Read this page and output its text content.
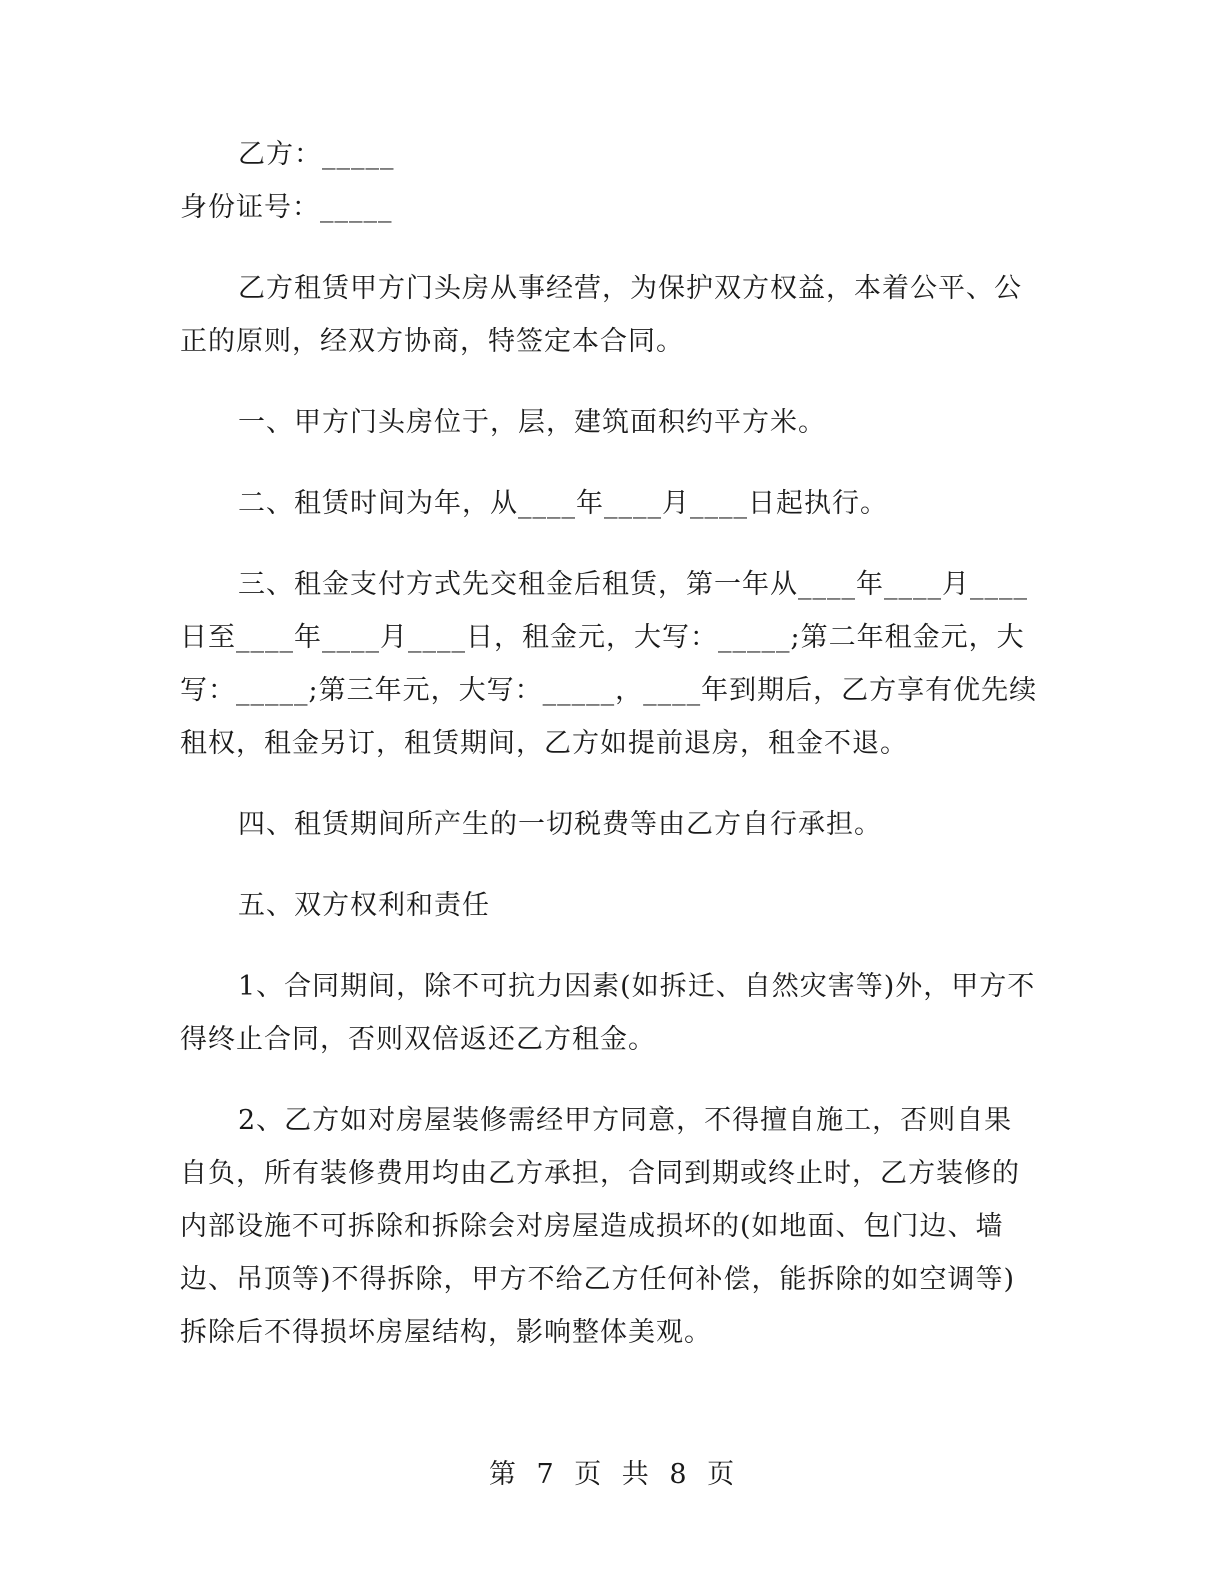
乙方：_____

身份证号：_____

乙方租赁甲方门头房从事经营，为保护双方权益，本着公平、公正的原则，经双方协商，特签定本合同。

一、甲方门头房位于，层，建筑面积约平方米。

二、租赁时间为年，从____年____月____日起执行。

三、租金支付方式先交租金后租赁，第一年从____年____月____日至____年____月____日，租金元，大写：_____;第二年租金元，大写：_____;第三年元，大写：_____，____年到期后，乙方享有优先续租权，租金另订，租赁期间，乙方如提前退房，租金不退。

四、租赁期间所产生的一切税费等由乙方自行承担。

五、双方权利和责任

1、合同期间，除不可抗力因素(如拆迁、自然灾害等)外，甲方不得终止合同，否则双倍返还乙方租金。

2、乙方如对房屋装修需经甲方同意，不得擅自施工，否则自果自负，所有装修费用均由乙方承担，合同到期或终止时，乙方装修的内部设施不可拆除和拆除会对房屋造成损坏的(如地面、包门边、墙边、吊顶等)不得拆除，甲方不给乙方任何补偿，能拆除的如空调等)拆除后不得损坏房屋结构，影响整体美观。

第 7 页 共 8 页
